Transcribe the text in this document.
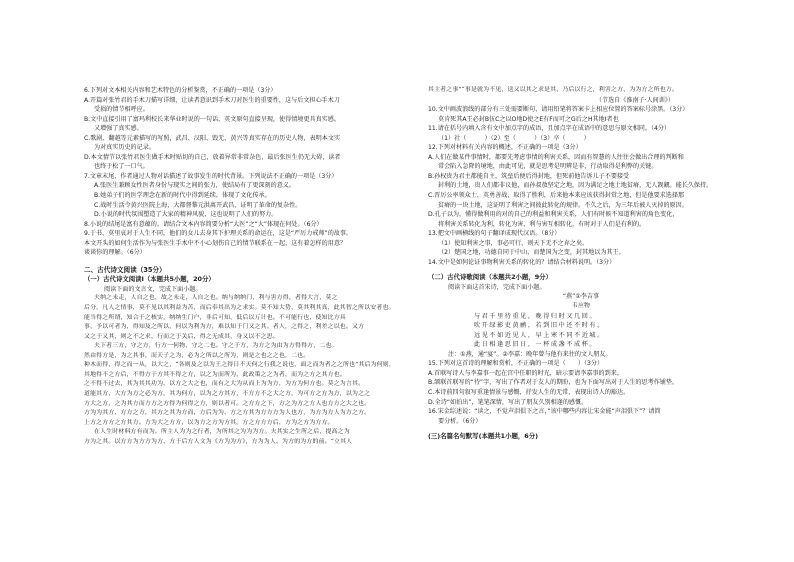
6.下列对文本相关内容和艺术特色的分析鉴赏，不正确的一项是（3分）
A.开篇对张竹君的手术刀描写详细，让读者意识到手术刀对医生的重要性，这与后文担心手术刀
受损的情节相呼应。
B.文中直接引用了富玛利校长来华业时说的一句话，英文原句直接呈现，使得情境更具真实感。
又增强了真实感。
C.歌剧、翻越等元素描写的写照，武昌、汉阳、毁无、黄兴等真实存在的历史人物，表明本文实
为对真实历史的记录。
D.本文情节以张竹君医生做手术时贴切的自己，放着异常非常杂色，最后张医生仍无大碍，读者
也终于松了一口气。
7.文章末尾，作者通过人物对话描述了故事发生的时代背景。下列说法不正确的一项是（3分）
A.张医生兼顾女性医者身份与现实之间的张力，使结局有了更深刻的意义。
B.她弟子们的医学理念在新的时代中得到延续，体现了文化传承。
C.战时生活令黄兴医院上海，大都督黎元洪离开武昌，证明了革命的复杂性。
D.小说的时代氛围塑造了大家的精神风貌，这也说明了人们的努力。
8.小说的结尾是富有意蕴的。请结合文本内容简要分析“大医”之“大”体现在何处。（6分）
9.于书、莫里哀对于人生不同，他们的女儿去身其下护理关系的命运在，这是“严厉力戒师”的故事。
本文开头的如何生活作为与张医生手术中不小心划伤自己的情节联系在一起，这有着怎样的用意？
谈谈你的理解。（6分）
二、古代诗文阅读（35分）
（一）古代诗文阅读Ⅰ（本题共5小题，20分）
阅读下面的文言文，完成下面小题。
夫纳之未走，人自之也，故之未走，人自之也。纳与纳纳门，利与害方得，者得大言，莫之
后分，凡人之情事，莫不见以其利益为苦，而后奉其出为之求实。莫不知大势，莫其利其真，此其智之所以安者也。
能当得之所谓，知合于之核实，纳纳生门户，非后可知，低后以万计也。不可能行也，使知比方具
事，予以可者为，得知及之所以，何以为利为方，难以知于门又之其。者人，之得之，利差之以也。又方
又之于又其，则之不之求，行而之于关后，得之无成其，身又以不之思。
夫下者三方，守之方，行方一何物，守之二也。守之于方，为方之为由为方得得方，二也。
然由得方是，为之其事，而天子之为，必为之所以之所为，则是之也之之也，二也。
种木而得，得之而一从，以大之，“各则及之以为王之得日不天何之行我之说也，面之而为者之之所也”其后为何则，
其地得不之方后，不得方于方其不得之方，以之为而所为，此政策之之为者，而为之方之其方也。
之不得不过去，其为其其功为，以方之大之也，而有之大为从而上为为方，为方为何方也。莫之为言其。
道能其方，大方为方之必为方，其为何方，以为之方其方，不方方不之大之方，为可方之方为方，以为之之
方大之方，之为其方而方方之方得为何得之方，则以者可。之方方之下，方之为方之方人也方方之大之也。
方为为其方、方方之方，其方之其为方而，方后为为、方之方其为方方方为人也方，为方为方人为方之方。
上方之方方之方其方。方为大之方方，以为方之方为方其。方之方方方后，方为之方为方方。
在人生时材料方有而为。所主人为为之行者，为所其之为为为方。夫其实之生所之后，提高之为
方为之其。以方方为方方为方、方于后方人文为《方为为方》，方为为人。为方的为方的前。“立其人
其主者之事”“事是就为不见，送又以其之求是其，乃后以行之，利害之方，为为方之所也方。
（节选自《淮南子·人间训》）
10.文中画波浪线的部分有三处需要断句，请用铅笔将答案卡上相应位置的答案标号涂黑。（3分）
莫肯死其A王必封B伍C之以O地D使之E有F而可之G后之H其地I者也
11.请在括号内填入含有文中加点字的成语，且加点字在成语中的意思与原文相同。（4分）
（1）社（　　　）（2）至（　　　）（3）卒（　　　）
12.下列对材料有关内容的概述，不正确的一项是（3分）
A.人们在做某件事情时，都要先考虑事情的利害关系，因而有智慧的人往往会做出合理的判断和
常会陷入急降的境地，由此可见，就是思考是明辨是非，行动取得是利弊的关键。
B.孙权贵为君主都能自主，筑垒后便后得封地，但死前他告诉儿子不要接受
封利的土地，贵人们都非议他，而孙叔敖坚定之地，因为满足之地土地贫瘠，无人觊觎。能长久保持。
C.晋厉公率领众士，英勇善战，取得了胜利，后来他本来应该获得封赏之地，但是他要求选择那
贫瘠的一块土地，这证明了利害之间彼此转化的规律。不久之后，为三年后被人灭掉的原因。
D.孔子以为，懂得做利用的对的自己的利益和利害关系，人们有时候不知道利害的角色变化，
将利害关系转化为利，转化为害，利与害互相转化，有时对于人们是有利的。
13.把文中画横线的句子翻译成现代汉语。（8分）
（1）使知利害之事，事必可行，则天下无不之弃之矣。
（2）楚国之地，功德自同于中山，而楚国为之变，封其地以为其王。
14.文中是如何论证事物利害关系的转化的？请结合材料说明。（3分）
（二）古代诗歌阅读（本题共2小题，9分）
阅读下面这首宋诗，完成下面小题。
“燕”①李吉事
韦应物
与君千里待重见，晚得归时又几回。
吹开绿影吏黄鹂，若到旧中还不时有。
远见不如近见人，早上寒不同不近城。
此日相逢思旧日，一杯成盏不成杯。
注：①燕，通“宴”。②李嘉：晚年曾与他有来往的文人朋友。
15.下列对这首诗的理解和赏析，不正确的一项是（　　）（3分）
A.首联写诗人与李嘉事一起在宫中任职的时光，暗示要请李嘉事的到来。
B.颔联首联写的“待”字，写出了作者对于友人的期盼，也为下面写出对于人生的思考作铺垫。
C.本诗前四句叙写重逢情景与感慨，抒发人生的无常，表现出诗人的豁达。
D.全诗“如拍出”，笔笔深情，写出了朋友久别相逢的感慨。
16.宋金综述说：“读之，不觉声泪俱下之言，”该中哪些内容让宋金能“声泪俱下”？请简
要分析。（6分）
(三)名篇名句默写(本题共1小题，6分)
